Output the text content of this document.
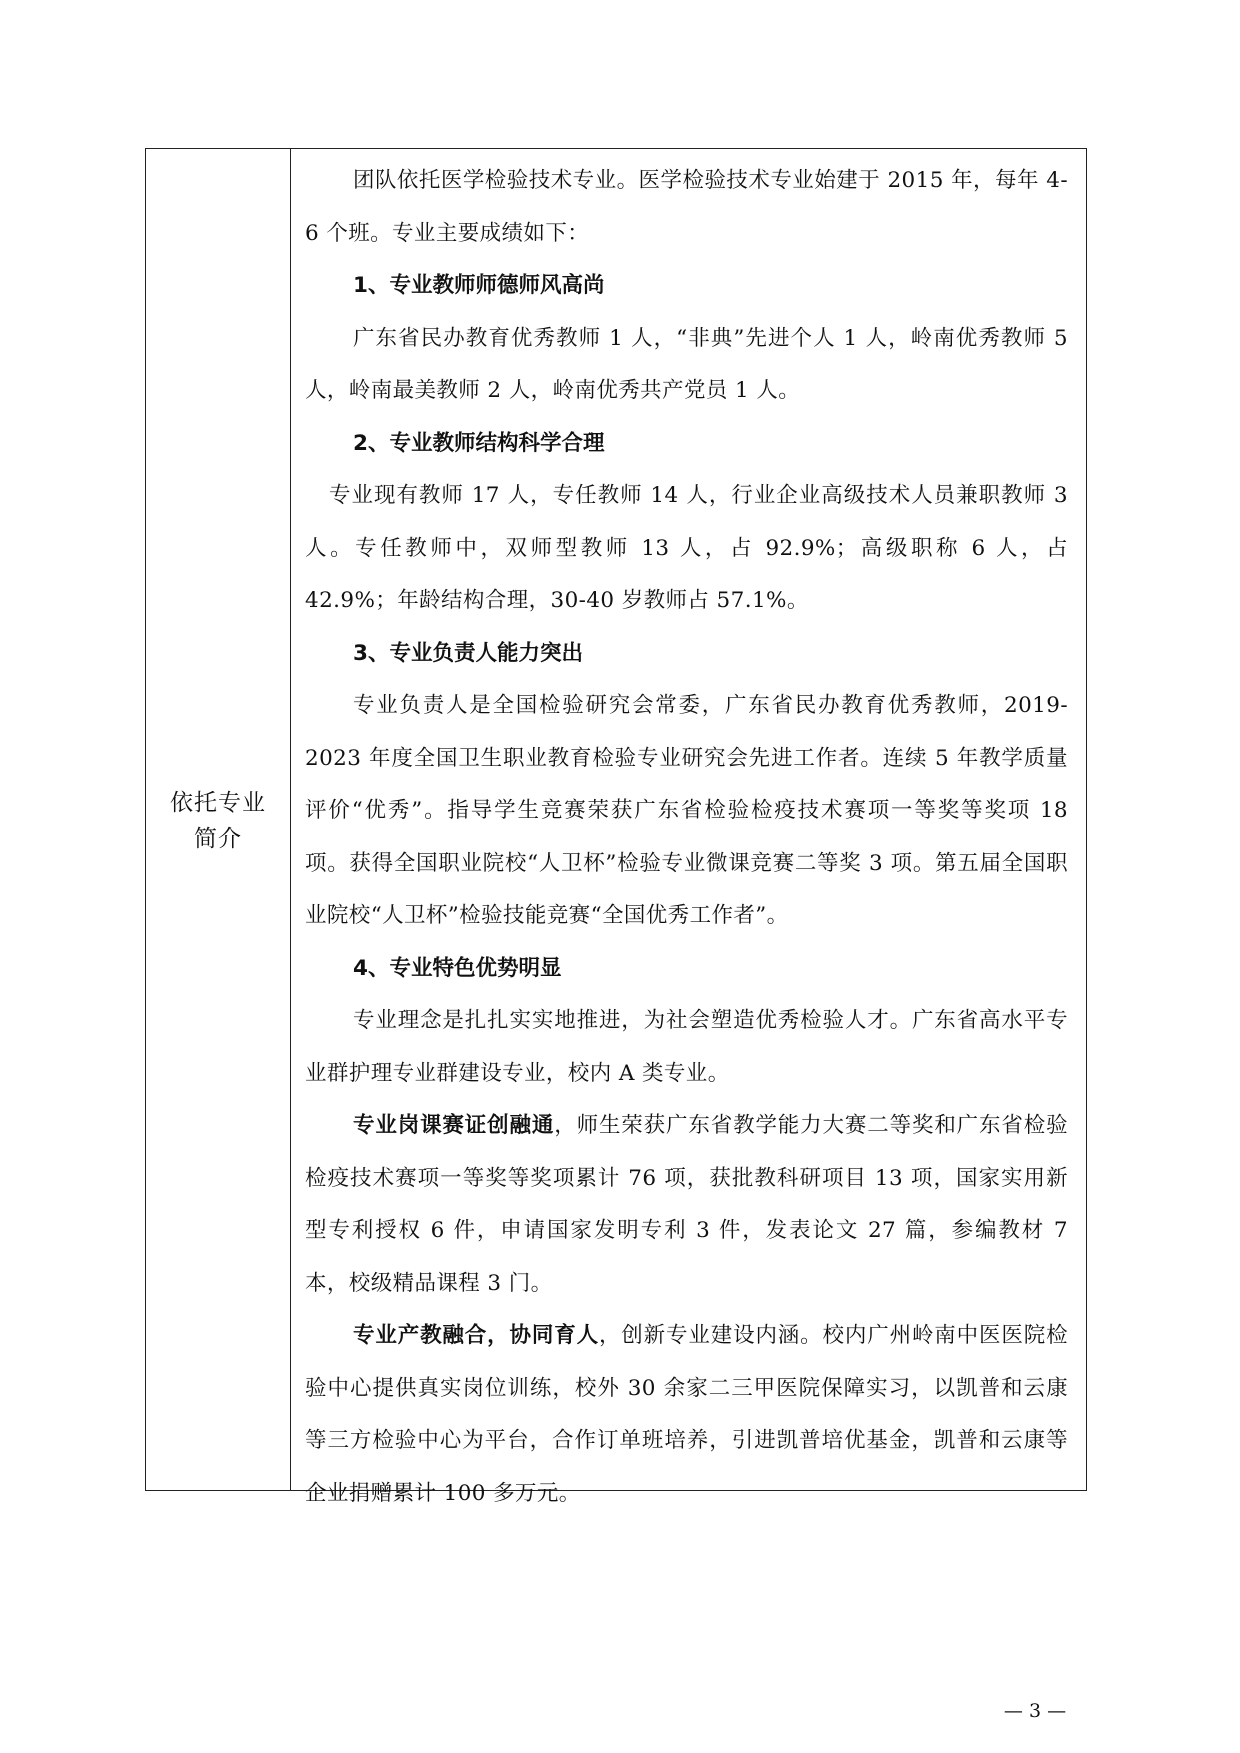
依托专业
简介

团队依托医学检验技术专业。医学检验技术专业始建于 2015 年，每年 4-6 个班。专业主要成绩如下：

1、专业教师师德师风高尚

广东省民办教育优秀教师 1 人，“非典”先进个人 1 人，岭南优秀教师 5 人，岭南最美教师 2 人，岭南优秀共产党员 1 人。

2、专业教师结构科学合理

专业现有教师 17 人，专任教师 14 人，行业企业高级技术人员兼职教师 3 人。专任教师中，双师型教师 13 人，占 92.9%；高级职称 6 人，占 42.9%；年龄结构合理，30-40 岁教师占 57.1%。

3、专业负责人能力突出

专业负责人是全国检验研究会常委，广东省民办教育优秀教师，2019-2023 年度全国卫生职业教育检验专业研究会先进工作者。连续 5 年教学质量评价“优秀”。指导学生竞赛荣获广东省检验检疫技术赛项一等奖等奖项 18 项。获得全国职业院校“人卫杯”检验专业微课竞赛二等奖 3 项。第五届全国职业院校“人卫杯”检验技能竞赛“全国优秀工作者”。

4、专业特色优势明显

专业理念是扎扎实实地推进，为社会塑造优秀检验人才。广东省高水平专业群护理专业群建设专业，校内 A 类专业。

专业岗课赛证创融通，师生荣获广东省教学能力大赛二等奖和广东省检验检疫技术赛项一等奖等奖项累计 76 项，获批教科研项目 13 项，国家实用新型专利授权 6 件，申请国家发明专利 3 件，发表论文 27 篇，参编教材 7 本，校级精品课程 3 门。

专业产教融合，协同育人，创新专业建设内涵。校内广州岭南中医医院检验中心提供真实岗位训练，校外 30 余家二三甲医院保障实习，以凯普和云康等三方检验中心为平台，合作订单班培养，引进凯普培优基金，凯普和云康等企业捐赠累计 100 多万元。

— 3 —
